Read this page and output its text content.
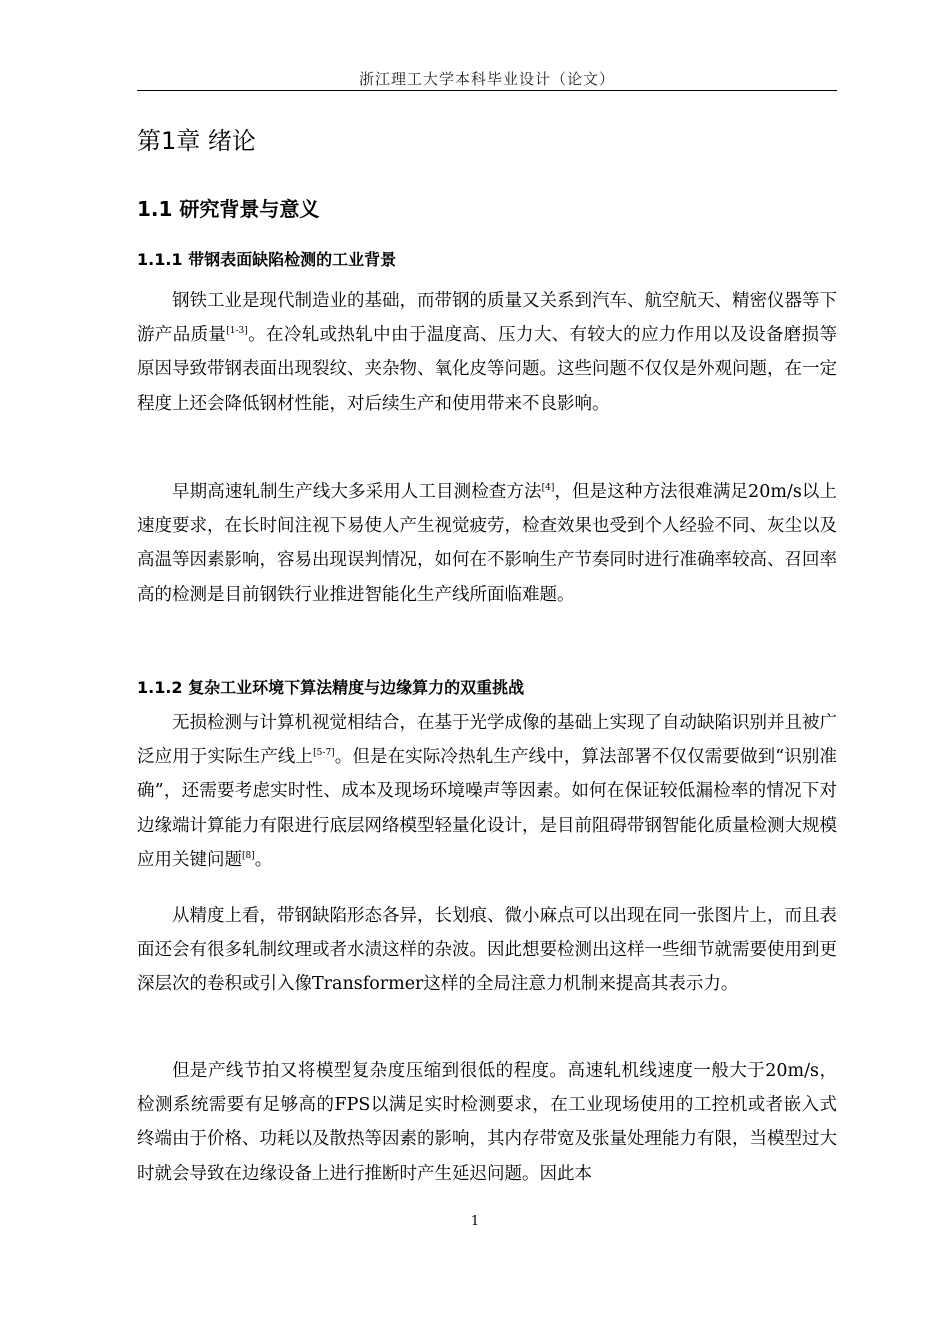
浙江理工大学本科毕业设计（论文）
第1章 绪论
1.1 研究背景与意义
1.1.1 带钢表面缺陷检测的工业背景

钢铁工业是现代制造业的基础，而带钢的质量又关系到汽车、航空航天、精密仪器等下游产品质量[1-3]。在冷轧或热轧中由于温度高、压力大、有较大的应力作用以及设备磨损等原因导致带钢表面出现裂纹、夹杂物、氧化皮等问题。这些问题不仅仅是外观问题，在一定程度上还会降低钢材性能，对后续生产和使用带来不良影响。

早期高速轧制生产线大多采用人工目测检查方法[4]，但是这种方法很难满足20m/s以上速度要求，在长时间注视下易使人产生视觉疲劳，检查效果也受到个人经验不同、灰尘以及高温等因素影响，容易出现误判情况，如何在不影响生产节奏同时进行准确率较高、召回率高的检测是目前钢铁行业推进智能化生产线所面临难题。

1.1.2 复杂工业环境下算法精度与边缘算力的双重挑战

无损检测与计算机视觉相结合，在基于光学成像的基础上实现了自动缺陷识别并且被广泛应用于实际生产线上[5-7]。但是在实际冷热轧生产线中，算法部署不仅仅需要做到“识别准确”，还需要考虑实时性、成本及现场环境噪声等因素。如何在保证较低漏检率的情况下对边缘端计算能力有限进行底层网络模型轻量化设计，是目前阻碍带钢智能化质量检测大规模应用关键问题[8]。

从精度上看，带钢缺陷形态各异，长划痕、微小麻点可以出现在同一张图片上，而且表面还会有很多轧制纹理或者水渍这样的杂波。因此想要检测出这样一些细节就需要使用到更深层次的卷积或引入像Transformer这样的全局注意力机制来提高其表示力。

但是产线节拍又将模型复杂度压缩到很低的程度。高速轧机线速度一般大于20m/s，检测系统需要有足够高的FPS以满足实时检测要求，在工业现场使用的工控机或者嵌入式终端由于价格、功耗以及散热等因素的影响，其内存带宽及张量处理能力有限，当模型过大时就会导致在边缘设备上进行推断时产生延迟问题。因此本

1
